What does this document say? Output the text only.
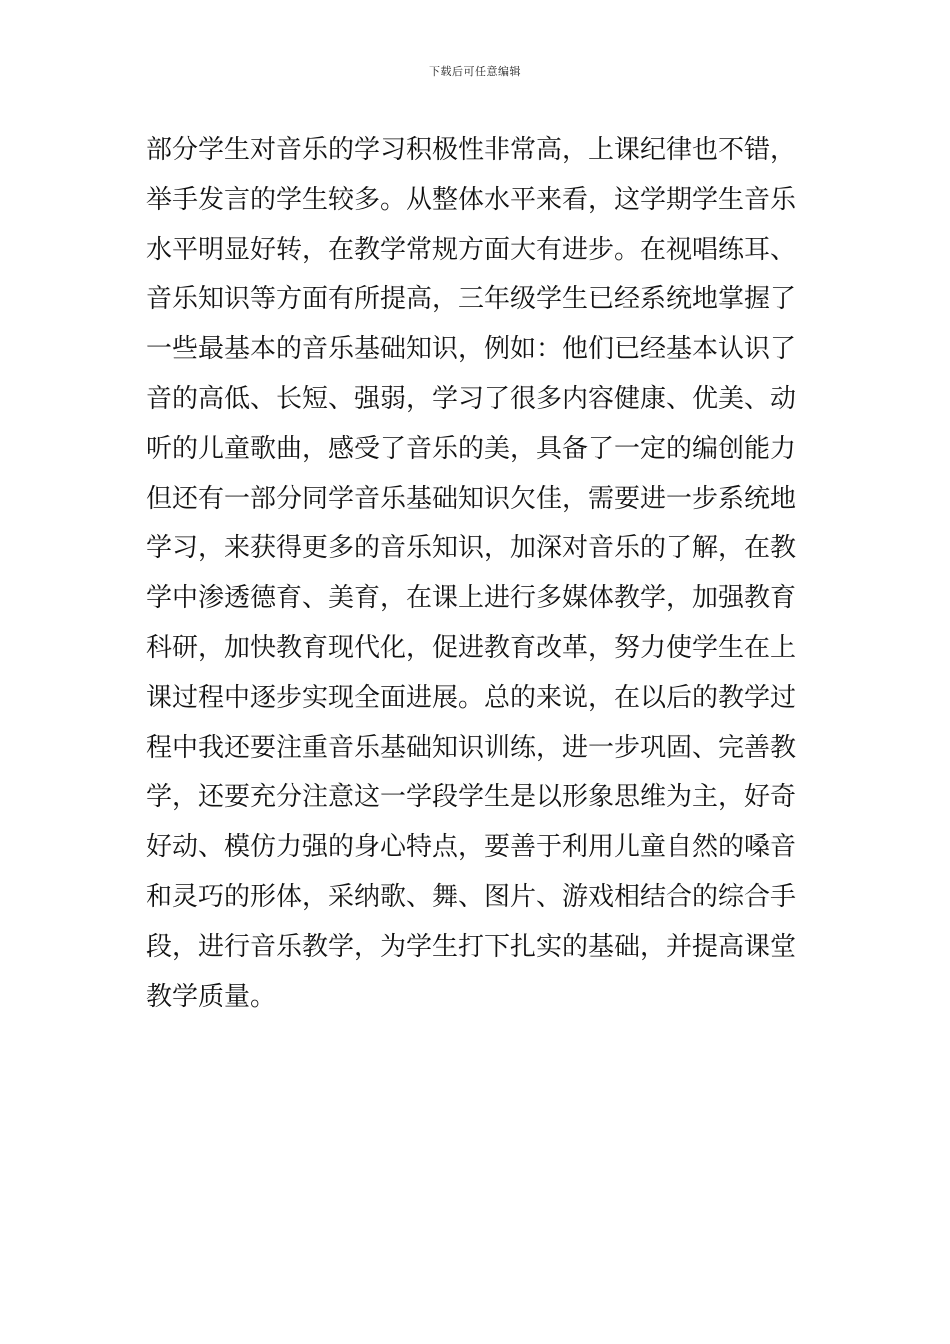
下载后可任意编辑
部分学生对音乐的学习积极性非常高，上课纪律也不错，
举手发言的学生较多。从整体水平来看，这学期学生音乐
水平明显好转，在教学常规方面大有进步。在视唱练耳、
音乐知识等方面有所提高，三年级学生已经系统地掌握了
一些最基本的音乐基础知识，例如：他们已经基本认识了
音的高低、长短、强弱，学习了很多内容健康、优美、动
听的儿童歌曲，感受了音乐的美，具备了一定的编创能力
但还有一部分同学音乐基础知识欠佳，需要进一步系统地
学习，来获得更多的音乐知识，加深对音乐的了解，在教
学中渗透德育、美育，在课上进行多媒体教学，加强教育
科研，加快教育现代化，促进教育改革，努力使学生在上
课过程中逐步实现全面进展。总的来说，在以后的教学过
程中我还要注重音乐基础知识训练，进一步巩固、完善教
学，还要充分注意这一学段学生是以形象思维为主，好奇
好动、模仿力强的身心特点，要善于利用儿童自然的嗓音
和灵巧的形体，采纳歌、舞、图片、游戏相结合的综合手
段，进行音乐教学，为学生打下扎实的基础，并提高课堂
教学质量。
